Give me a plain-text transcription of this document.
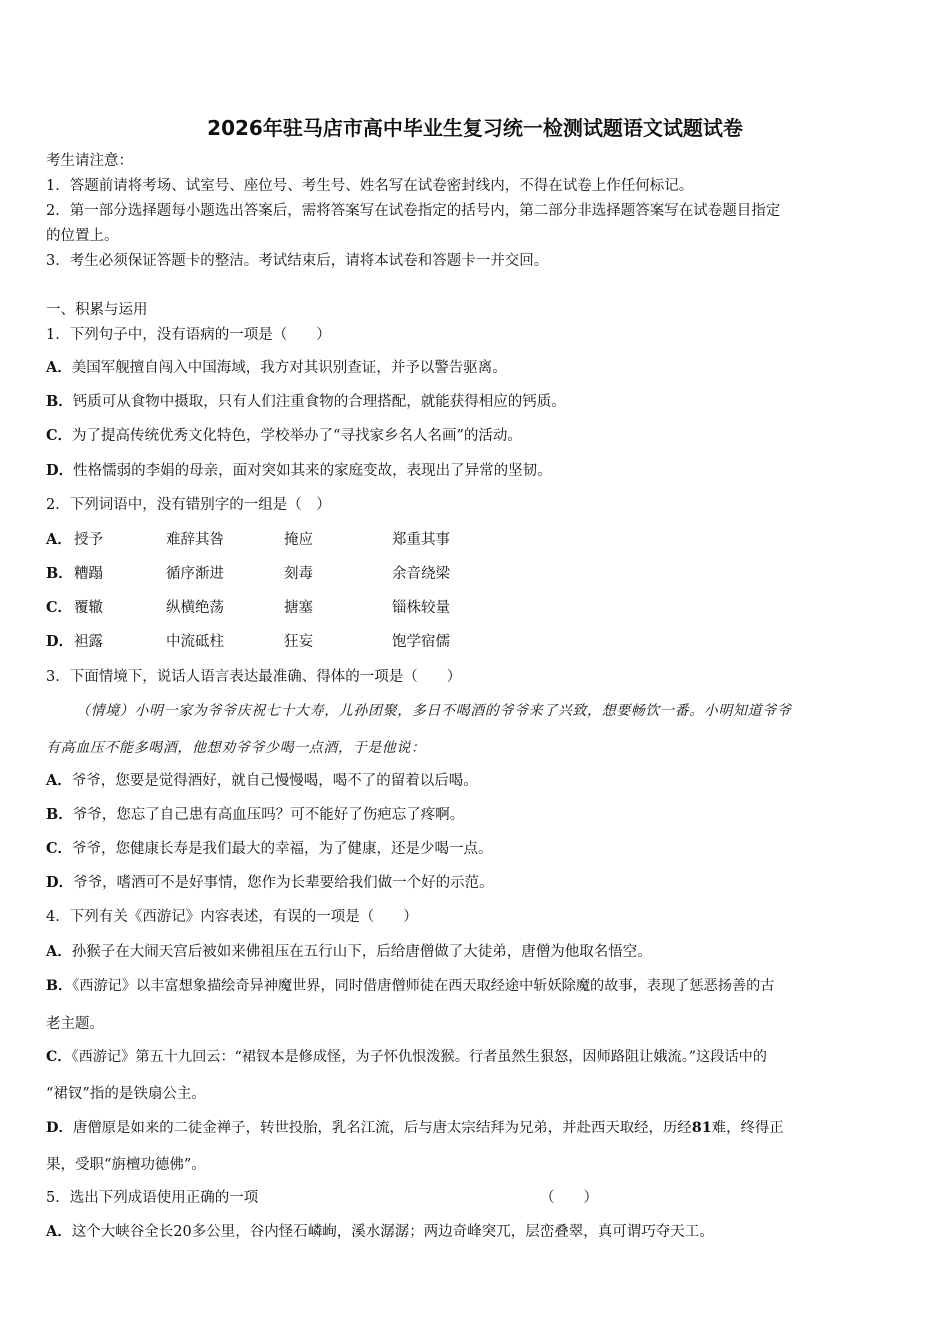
2026年驻马店市高中毕业生复习统一检测试题语文试题试卷
考生请注意：
1．答题前请将考场、试室号、座位号、考生号、姓名写在试卷密封线内，不得在试卷上作任何标记。
2．第一部分选择题每小题选出答案后，需将答案写在试卷指定的括号内，第二部分非选择题答案写在试卷题目指定
的位置上。
3．考生必须保证答题卡的整洁。考试结束后，请将本试卷和答题卡一并交回。
一、积累与运用
1．下列句子中，没有语病的一项是（　　）
A．美国军舰擅自闯入中国海域，我方对其识别查证，并予以警告驱离。
B．钙质可从食物中摄取，只有人们注重食物的合理搭配，就能获得相应的钙质。
C．为了提高传统优秀文化特色，学校举办了“寻找家乡名人名画”的活动。
D．性格懦弱的李娟的母亲，面对突如其来的家庭变故，表现出了异常的坚韧。
2．下列词语中，没有错别字的一组是（　）
A． 授予	难辞其咎	掩应	郑重其事
B． 糟蹋	循序渐进	刻毒	余音绕梁
C． 覆辙	纵横绝荡	搪塞	锱株较量
D． 袒露	中流砥柱	狂妄	饱学宿儒
3．下面情境下，说话人语言表达最准确、得体的一项是（　　）
（情境）小明一家为爷爷庆祝七十大寿，儿孙团聚，多日不喝酒的爷爷来了兴致，想要畅饮一番。小明知道爷爷
有高血压不能多喝酒，他想劝爷爷少喝一点酒，于是他说：
A．爷爷，您要是觉得酒好，就自己慢慢喝，喝不了的留着以后喝。
B．爷爷，您忘了自己患有高血压吗？可不能好了伤疤忘了疼啊。
C．爷爷，您健康长寿是我们最大的幸福，为了健康，还是少喝一点。
D．爷爷，嗜酒可不是好事情，您作为长辈要给我们做一个好的示范。
4．下列有关《西游记》内容表述，有误的一项是（　　）
A．孙猴子在大闹天宫后被如来佛祖压在五行山下，后给唐僧做了大徒弟，唐僧为他取名悟空。
B．《西游记》以丰富想象描绘奇异神魔世界，同时借唐僧师徒在西天取经途中斩妖除魔的故事，表现了惩恶扬善的古
老主题。
C．《西游记》第五十九回云：“裙钗本是修成怪，为子怀仇恨泼猴。行者虽然生狠怒，因师路阻让娥流。”这段话中的
“裙钗”指的是铁扇公主。
D．唐僧原是如来的二徒金禅子，转世投胎，乳名江流，后与唐太宗结拜为兄弟，并赴西天取经，历经81难，终得正
果，受职“旃檀功德佛”。
5．选出下列成语使用正确的一项	（　　）
A．这个大峡谷全长20多公里，谷内怪石嶙峋，溪水潺潺；两边奇峰突兀，层峦叠翠，真可谓巧夺天工。
